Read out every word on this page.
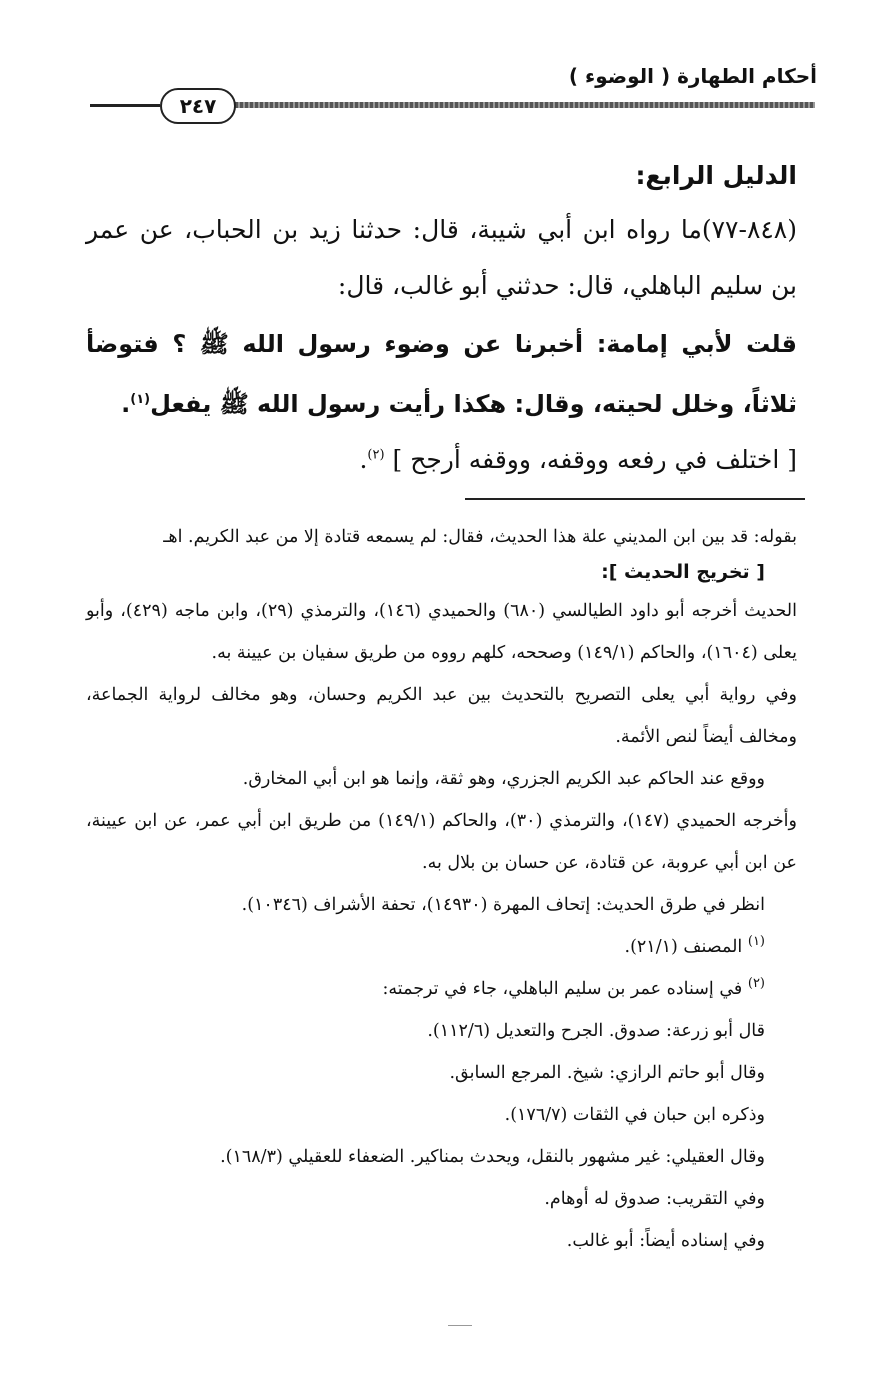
أحكام الطهارة ( الوضوء )
٢٤٧

الدليل الرابع:

(٨٤٨-٧٧)ما رواه ابن أبي شيبة، قال: حدثنا زيد بن الحباب، عن عمر بن سليم الباهلي، قال: حدثني أبو غالب، قال:

قلت لأبي إمامة: أخبرنا عن وضوء رسول الله ﷺ ؟ فتوضأ ثلاثاً، وخلل لحيته، وقال: هكذا رأيت رسول الله ﷺ يفعل$^{(١)}$.

[ اختلف في رفعه ووقفه، ووقفه أرجح ] $^{(٢)}$.

بقوله: قد بين ابن المديني علة هذا الحديث، فقال: لم يسمعه قتادة إلا من عبد الكريم. اهـ

[ تخريج الحديث ]:

الحديث أخرجه أبو داود الطيالسي (٦٨٠) والحميدي (١٤٦)، والترمذي (٢٩)، وابن ماجه (٤٢٩)، وأبو يعلى (١٦٠٤)، والحاكم (١٤٩/١) وصححه، كلهم رووه من طريق سفيان بن عيينة به.

وفي رواية أبي يعلى التصريح بالتحديث بين عبد الكريم وحسان، وهو مخالف لرواية الجماعة، ومخالف أيضاً لنص الأئمة.

ووقع عند الحاكم عبد الكريم الجزري، وهو ثقة، وإنما هو ابن أبي المخارق.

وأخرجه الحميدي (١٤٧)، والترمذي (٣٠)، والحاكم (١٤٩/١) من طريق ابن أبي عمر، عن ابن عيينة، عن ابن أبي عروبة، عن قتادة، عن حسان بن بلال به.

انظر في طرق الحديث: إتحاف المهرة (١٤٩٣٠)، تحفة الأشراف (١٠٣٤٦).

$^{(١)}$ المصنف (٢١/١).

$^{(٢)}$ في إسناده عمر بن سليم الباهلي، جاء في ترجمته:

قال أبو زرعة: صدوق. الجرح والتعديل (١١٢/٦).

وقال أبو حاتم الرازي: شيخ. المرجع السابق.

وذكره ابن حبان في الثقات (١٧٦/٧).

وقال العقيلي: غير مشهور بالنقل، ويحدث بمناكير. الضعفاء للعقيلي (١٦٨/٣).

وفي التقريب: صدوق له أوهام.

وفي إسناده أيضاً: أبو غالب.
